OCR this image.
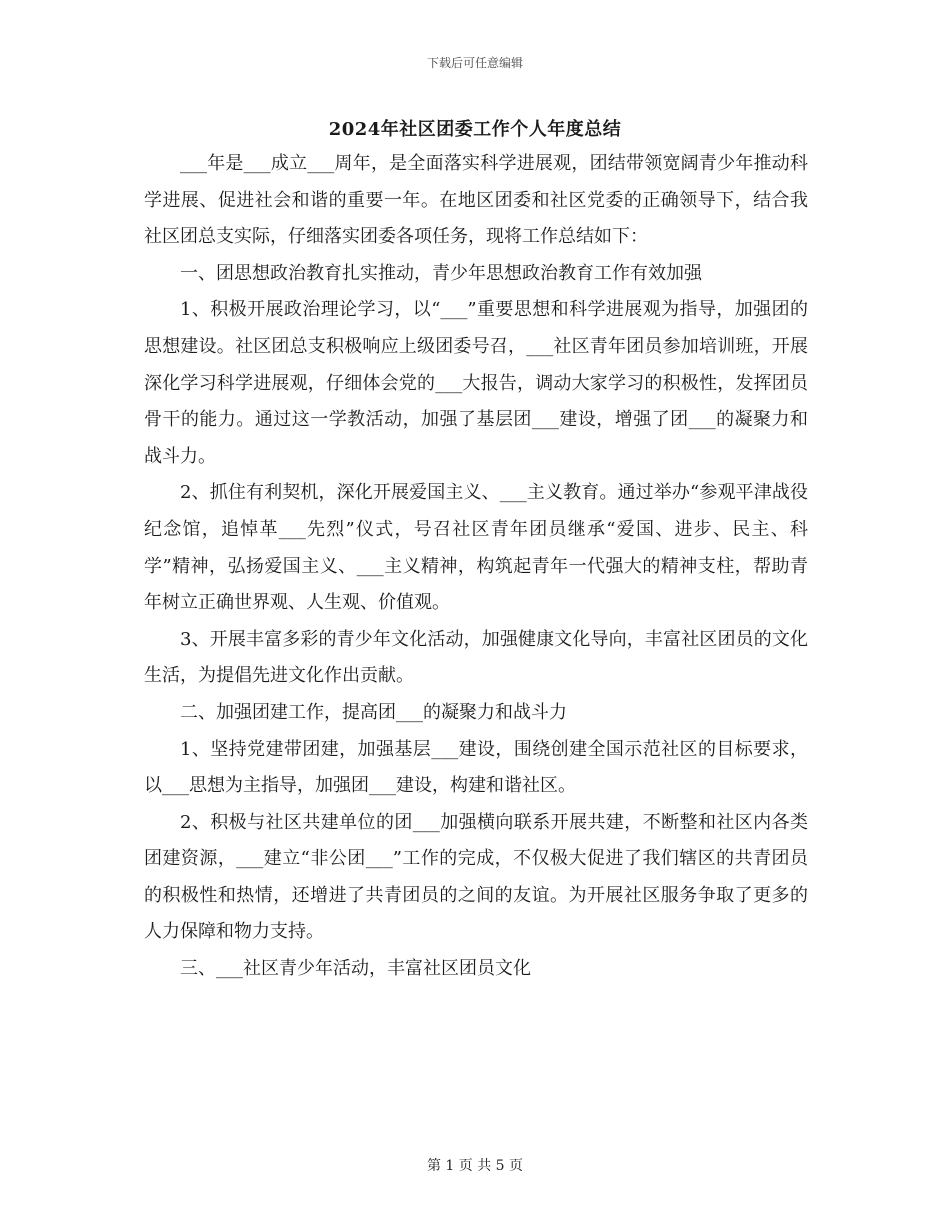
下载后可任意编辑
2024年社区团委工作个人年度总结

___年是___成立___周年，是全面落实科学进展观，团结带领宽阔青少年推动科学进展、促进社会和谐的重要一年。在地区团委和社区党委的正确领导下，结合我社区团总支实际，仔细落实团委各项任务，现将工作总结如下：

一、团思想政治教育扎实推动，青少年思想政治教育工作有效加强

1、积极开展政治理论学习，以“___”重要思想和科学进展观为指导，加强团的思想建设。社区团总支积极响应上级团委号召，___社区青年团员参加培训班，开展深化学习科学进展观，仔细体会党的___大报告，调动大家学习的积极性，发挥团员骨干的能力。通过这一学教活动，加强了基层团___建设，增强了团___的凝聚力和战斗力。

2、抓住有利契机，深化开展爱国主义、___主义教育。通过举办“参观平津战役纪念馆，追悼革___先烈”仪式，号召社区青年团员继承“爱国、进步、民主、科学”精神，弘扬爱国主义、___主义精神，构筑起青年一代强大的精神支柱，帮助青年树立正确世界观、人生观、价值观。

3、开展丰富多彩的青少年文化活动，加强健康文化导向，丰富社区团员的文化生活，为提倡先进文化作出贡献。

二、加强团建工作，提高团___的凝聚力和战斗力

1、坚持党建带团建，加强基层___建设，围绕创建全国示范社区的目标要求，以___思想为主指导，加强团___建设，构建和谐社区。

2、积极与社区共建单位的团___加强横向联系开展共建，不断整和社区内各类团建资源，___建立“非公团___”工作的完成，不仅极大促进了我们辖区的共青团员的积极性和热情，还增进了共青团员的之间的友谊。为开展社区服务争取了更多的人力保障和物力支持。

三、___社区青少年活动，丰富社区团员文化

第 1 页 共 5 页
